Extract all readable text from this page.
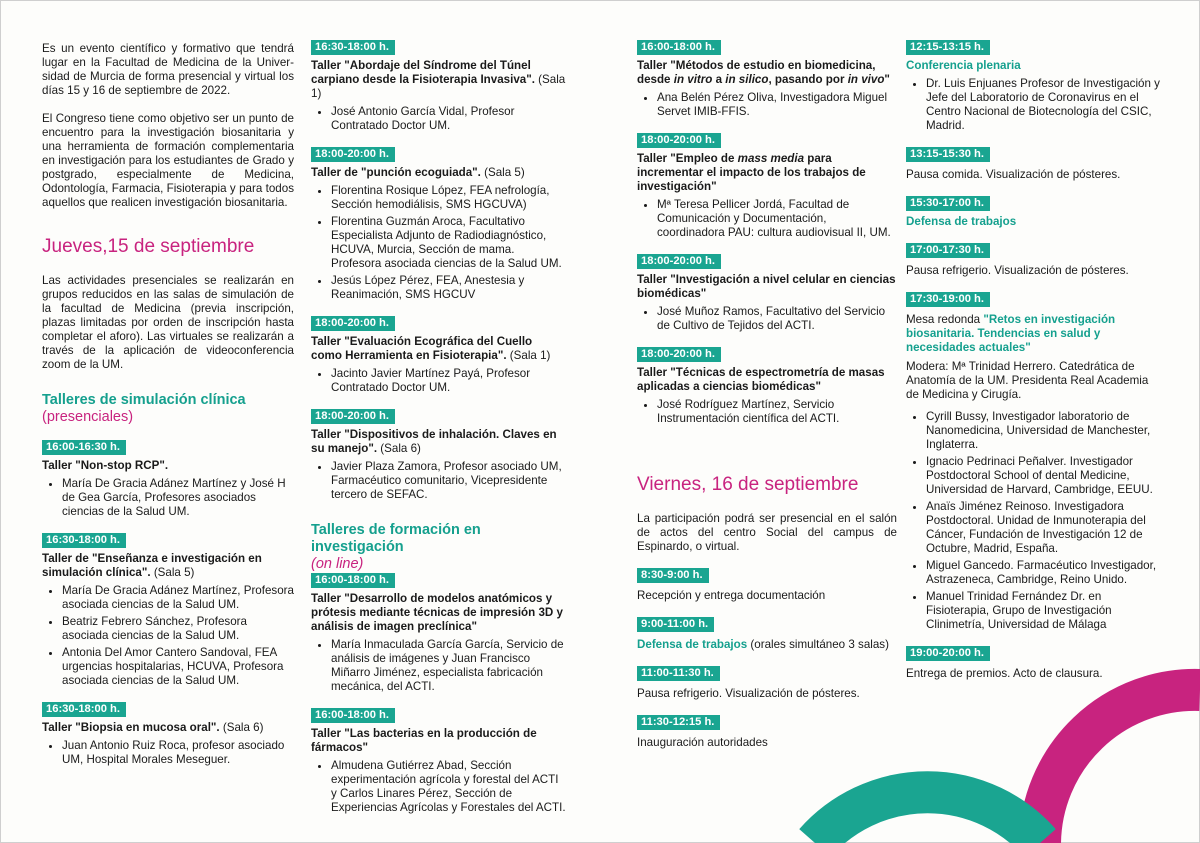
Es un evento científico y formativo que tendrá lugar en la Facultad de Medicina de la Univer-sidad de Murcia de forma presencial y virtual los días 15 y 16 de septiembre de 2022.

El Congreso tiene como objetivo ser un punto de encuentro para la investigación biosanitaria y una herramienta de formación complementaria en investigación para los estudiantes de Grado y postgrado, especialmente de Medicina, Odontología, Farmacia, Fisioterapia y para todos aquellos que realicen investigación biosanitaria.

Jueves,15 de septiembre

Las actividades presenciales se realizarán en grupos reducidos en las salas de simulación de la facultad de Medicina (previa inscripción, plazas limitadas por orden de inscripción hasta completar el aforo). Las virtuales se realizarán a través de la aplicación de videoconferencia zoom de la UM.

Talleres de simulación clínica
(presenciales)
16:00-16:30 h.
Taller "Non-stop RCP".
• María De Gracia Adánez Martínez y José H de Gea García, Profesores asociados ciencias de la Salud UM.
16:30-18:00 h.
Taller de "Enseñanza e investigación en simulación clínica". (Sala 5)
• María De Gracia Adánez Martínez, Profesora asociada ciencias de la Salud UM.
• Beatriz Febrero Sánchez, Profesora asociada ciencias de la Salud UM.
• Antonia Del Amor Cantero Sandoval, FEA urgencias hospitalarias, HCUVA, Profesora asociada ciencias de la Salud UM.
16:30-18:00 h.
Taller "Biopsia en mucosa oral". (Sala 6)
• Juan Antonio Ruiz Roca, profesor asociado UM, Hospital Morales Meseguer.
16:30-18:00 h.
Taller "Abordaje del Síndrome del Túnel carpiano desde la Fisioterapia Invasiva". (Sala 1)
• José Antonio García Vidal, Profesor Contratado Doctor UM.
18:00-20:00 h.
Taller de "punción ecoguiada". (Sala 5)
• Florentina Rosique López, FEA nefrología, Sección hemodiálisis, SMS HGCUVA)
• Florentina Guzmán Aroca, Facultativo Especialista Adjunto de Radiodiagnóstico, HCUVA, Murcia, Sección de mama. Profesora asociada ciencias de la Salud UM.
• Jesús López Pérez, FEA, Anestesia y Reanimación, SMS HGCUV
18:00-20:00 h.
Taller "Evaluación Ecográfica del Cuello como Herramienta en Fisioterapia". (Sala 1)
• Jacinto Javier Martínez Payá, Profesor Contratado Doctor UM.
18:00-20:00 h.
Taller "Dispositivos de inhalación. Claves en su manejo". (Sala 6)
• Javier Plaza Zamora, Profesor asociado UM, Farmacéutico comunitario, Vicepresidente tercero de SEFAC.
Talleres de formación en investigación
(on line)
16:00-18:00 h.
Taller "Desarrollo de modelos anatómicos y prótesis mediante técnicas de impresión 3D y análisis de imagen preclínica"
• María Inmaculada García García, Servicio de análisis de imágenes y Juan Francisco Miñarro Jiménez, especialista fabricación mecánica, del ACTI.
16:00-18:00 h.
Taller "Las bacterias en la producción de fármacos"
• Almudena Gutiérrez Abad, Sección experimentación agrícola y forestal del ACTI y Carlos Linares Pérez, Sección de Experiencias Agrícolas y Forestales del ACTI.
16:00-18:00 h.
Taller "Métodos de estudio en biomedicina, desde in vitro a in silico, pasando por in vivo"
• Ana Belén Pérez Oliva, Investigadora Miguel Servet IMIB-FFIS.
18:00-20:00 h.
Taller "Empleo de mass media para incrementar el impacto de los trabajos de investigación"
• Mª Teresa Pellicer Jordá, Facultad de Comunicación y Documentación, coordinadora PAU: cultura audiovisual II, UM.
18:00-20:00 h.
Taller "Investigación a nivel celular en ciencias biomédicas"
• José Muñoz Ramos, Facultativo del Servicio de Cultivo de Tejidos del ACTI.
18:00-20:00 h.
Taller "Técnicas de espectrometría de masas aplicadas a ciencias biomédicas"
• José Rodríguez Martínez, Servicio Instrumentación científica del ACTI.
Viernes, 16 de septiembre

La participación podrá ser presencial en el salón de actos del centro Social del campus de Espinardo, o virtual.

8:30-9:00 h.
Recepción y entrega documentación
9:00-11:00 h.
Defensa de trabajos (orales simultáneo 3 salas)
11:00-11:30 h.
Pausa refrigerio. Visualización de pósteres.
11:30-12:15 h.
Inauguración autoridades
12:15-13:15 h.
Conferencia plenaria
• Dr. Luis Enjuanes Profesor de Investigación y Jefe del Laboratorio de Coronavirus en el Centro Nacional de Biotecnología del CSIC, Madrid.
13:15-15:30 h.
Pausa comida. Visualización de pósteres.
15:30-17:00 h.
Defensa de trabajos
17:00-17:30 h.
Pausa refrigerio. Visualización de pósteres.
17:30-19:00 h.
Mesa redonda "Retos en investigación biosanitaria. Tendencias en salud y necesidades actuales"
Modera: Mª Trinidad Herrero. Catedrática de Anatomía de la UM. Presidenta Real Academia de Medicina y Cirugía.
• Cyrill Bussy, Investigador laboratorio de Nanomedicina, Universidad de Manchester, Inglaterra.
• Ignacio Pedrinaci Peñalver. Investigador Postdoctoral School of dental Medicine, Universidad de Harvard, Cambridge, EEUU.
• Anaïs Jiménez Reinoso. Investigadora Postdoctoral. Unidad de Inmunoterapia del Cáncer, Fundación de Investigación 12 de Octubre, Madrid, España.
• Miguel Gancedo. Farmacéutico Investigador, Astrazeneca, Cambridge, Reino Unido.
• Manuel Trinidad Fernández Dr. en Fisioterapia, Grupo de Investigación Clinimetría, Universidad de Málaga
19:00-20:00 h.
Entrega de premios. Acto de clausura.
